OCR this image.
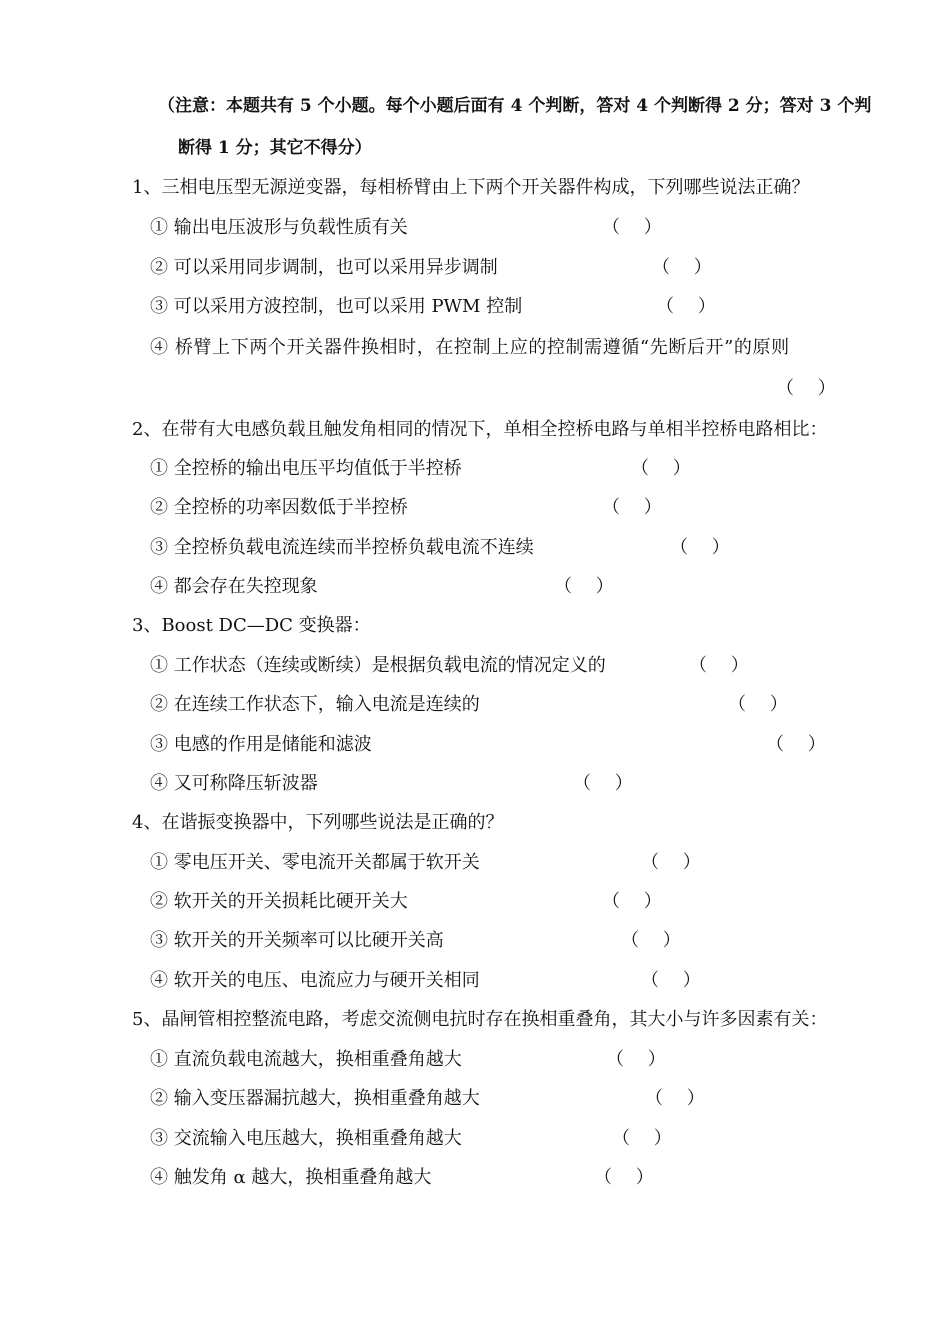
（注意：本题共有 5 个小题。每个小题后面有 4 个判断，答对 4 个判断得 2 分；答对 3 个判
断得 1 分；其它不得分）
1、三相电压型无源逆变器，每相桥臂由上下两个开关器件构成，下列哪些说法正确？
① 输出电压波形与负载性质有关	（　 ）
② 可以采用同步调制，也可以采用异步调制	（　 ）
③ 可以采用方波控制，也可以采用 PWM 控制	（　 ）
④ 桥臂上下两个开关器件换相时，在控制上应的控制需遵循“先断后开”的原则
（　 ）
2、在带有大电感负载且触发角相同的情况下，单相全控桥电路与单相半控桥电路相比：
① 全控桥的输出电压平均值低于半控桥	（　 ）
② 全控桥的功率因数低于半控桥	（　 ）
③ 全控桥负载电流连续而半控桥负载电流不连续	（　 ）
④ 都会存在失控现象	（　 ）
3、Boost DC—DC 变换器：
① 工作状态（连续或断续）是根据负载电流的情况定义的	（　 ）
② 在连续工作状态下，输入电流是连续的	（　 ）
③ 电感的作用是储能和滤波	（　 ）
④ 又可称降压斩波器	（　 ）
4、在谐振变换器中，下列哪些说法是正确的？
① 零电压开关、零电流开关都属于软开关	（　 ）
② 软开关的开关损耗比硬开关大	（　 ）
③ 软开关的开关频率可以比硬开关高	（　 ）
④ 软开关的电压、电流应力与硬开关相同	（　 ）
5、晶闸管相控整流电路，考虑交流侧电抗时存在换相重叠角，其大小与许多因素有关：
① 直流负载电流越大，换相重叠角越大	（　 ）
② 输入变压器漏抗越大，换相重叠角越大	（　 ）
③ 交流输入电压越大，换相重叠角越大	（　 ）
④ 触发角 α 越大，换相重叠角越大	（　 ）
